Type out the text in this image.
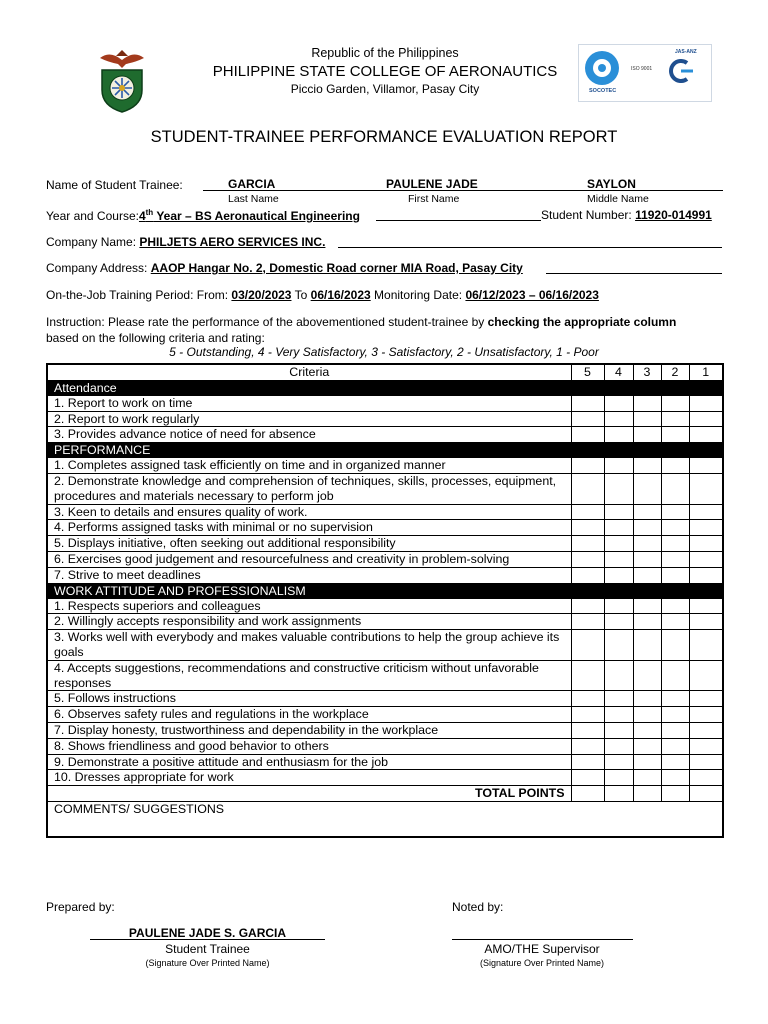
Republic of the Philippines
PHILIPPINE STATE COLLEGE OF AERONAUTICS
Piccio Garden, Villamor, Pasay City
ISO 9001
SOCOTEC
JAS-ANZ
STUDENT-TRAINEE PERFORMANCE EVALUATION REPORT
Name of Student Trainee:	GARCIA	PAULENE JADE	SAYLON
Last Name	First Name	Middle Name
Year and Course:4th Year – BS Aeronautical Engineering	Student Number: 11920-014991
Company Name: PHILJETS AERO SERVICES INC.
Company Address: AAOP Hangar No. 2, Domestic Road corner MIA Road, Pasay City
On-the-Job Training Period: From: 03/20/2023 To 06/16/2023 Monitoring Date: 06/12/2023 – 06/16/2023
Instruction: Please rate the performance of the abovementioned student-trainee by checking the appropriate column
based on the following criteria and rating:
5 - Outstanding, 4 - Very Satisfactory, 3 - Satisfactory, 2 - Unsatisfactory, 1 - Poor
Criteria	5	4	3	2	1
Attendance					
1. Report to work on time					
2. Report to work regularly					
3. Provides advance notice of need for absence					
PERFORMANCE					
1. Completes assigned task efficiently on time and in organized manner					
2. Demonstrate knowledge and comprehension of techniques, skills, processes, equipment, procedures and materials necessary to perform job					
3. Keen to details and ensures quality of work.					
4. Performs assigned tasks with minimal or no supervision					
5. Displays initiative, often seeking out additional responsibility					
6. Exercises good judgement and resourcefulness and creativity in problem-solving					
7. Strive to meet deadlines					
WORK ATTITUDE AND PROFESSIONALISM					
1. Respects superiors and colleagues					
2. Willingly accepts responsibility and work assignments					
3. Works well with everybody and makes valuable contributions to help the group achieve its goals					
4. Accepts suggestions, recommendations and constructive criticism without unfavorable responses					
5. Follows instructions					
6. Observes safety rules and regulations in the workplace					
7. Display honesty, trustworthiness and dependability in the workplace					
8. Shows friendliness and good behavior to others					
9. Demonstrate a positive attitude and enthusiasm for the job					
10. Dresses appropriate for work					
TOTAL POINTS					
COMMENTS/ SUGGESTIONS					
Prepared by:
PAULENE JADE S. GARCIA
Student Trainee
(Signature Over Printed Name)
Noted by:
AMO/THE Supervisor
(Signature Over Printed Name)
